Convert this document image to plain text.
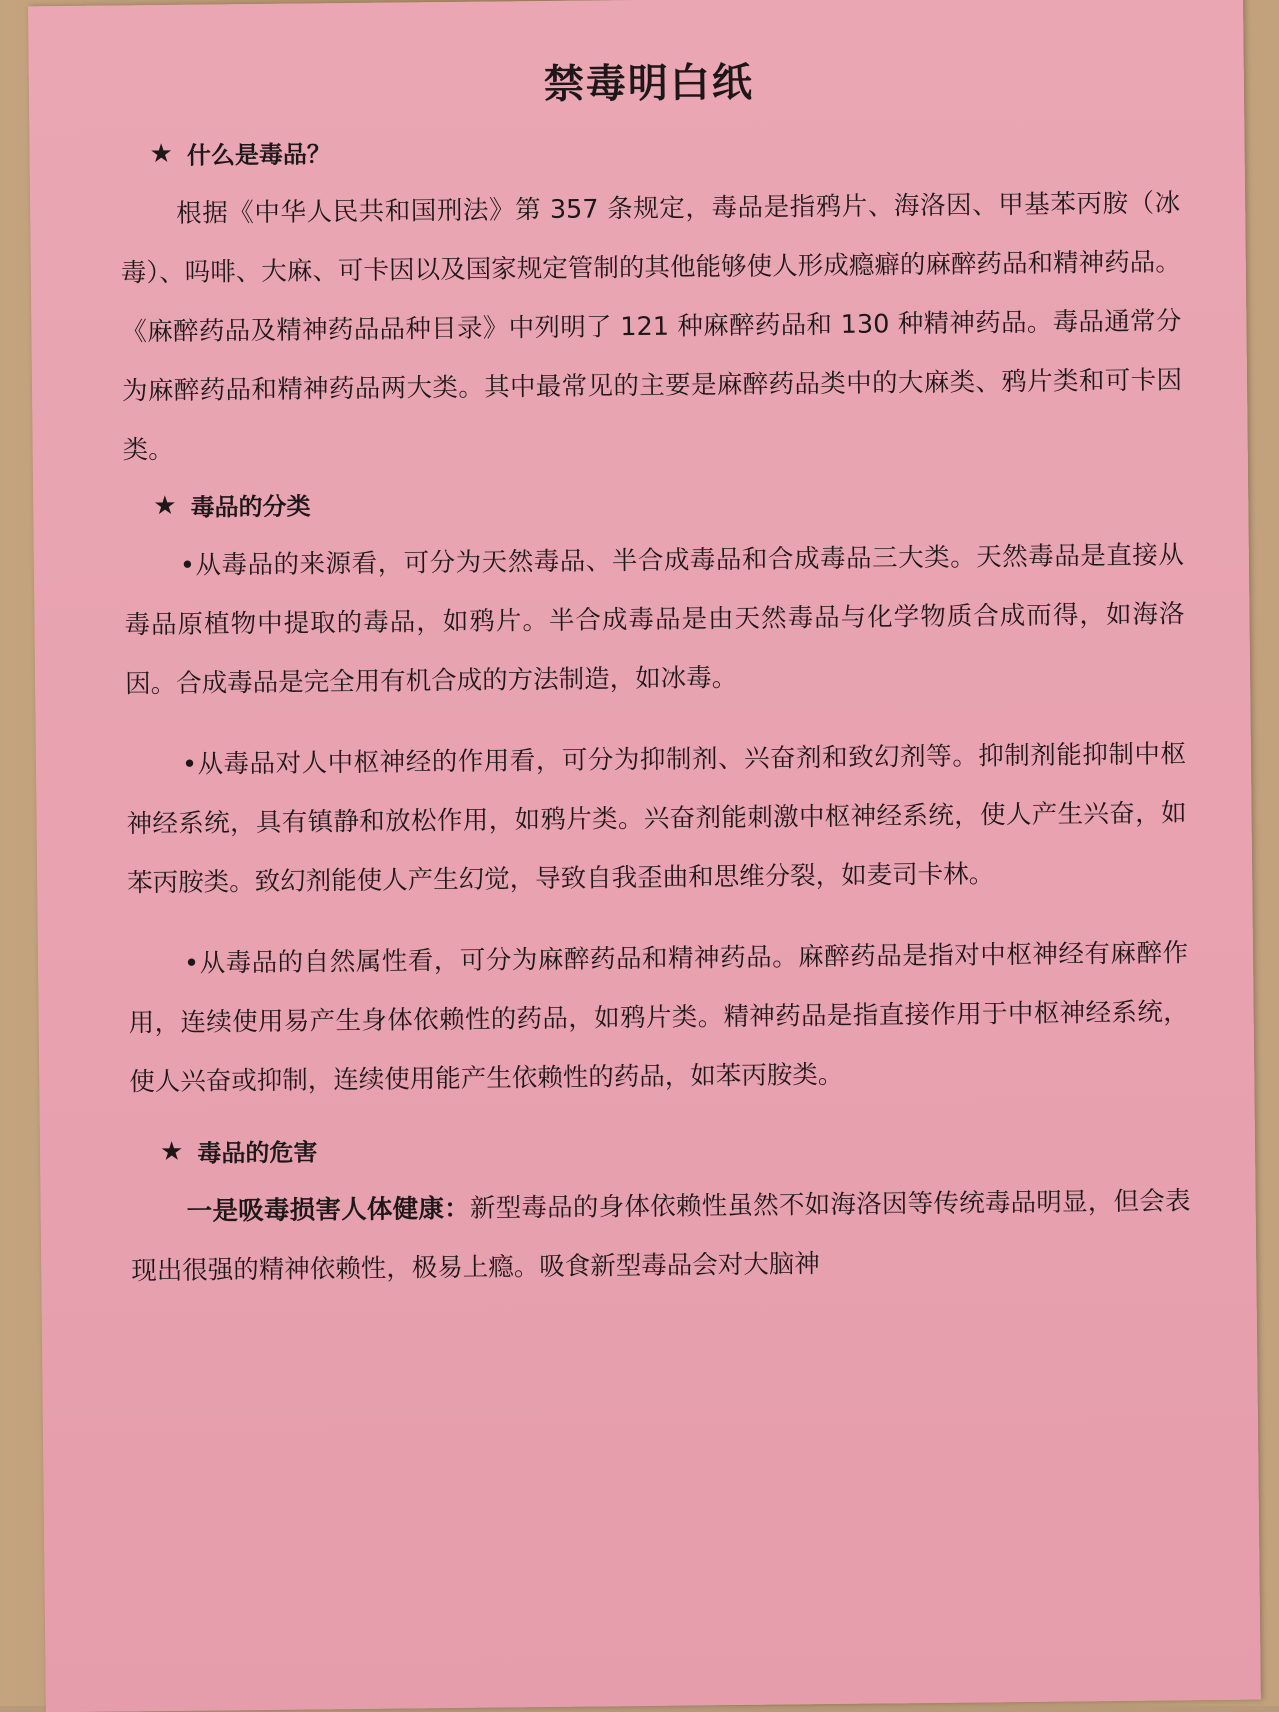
禁毒明白纸
★ 什么是毒品？

根据《中华人民共和国刑法》第 357 条规定，毒品是指鸦片、海洛因、甲基苯丙胺（冰毒）、吗啡、大麻、可卡因以及国家规定管制的其他能够使人形成瘾癖的麻醉药品和精神药品。《麻醉药品及精神药品品种目录》中列明了 121 种麻醉药品和 130 种精神药品。毒品通常分为麻醉药品和精神药品两大类。其中最常见的主要是麻醉药品类中的大麻类、鸦片类和可卡因类。

★ 毒品的分类

•从毒品的来源看，可分为天然毒品、半合成毒品和合成毒品三大类。天然毒品是直接从毒品原植物中提取的毒品，如鸦片。半合成毒品是由天然毒品与化学物质合成而得，如海洛因。合成毒品是完全用有机合成的方法制造，如冰毒。

•从毒品对人中枢神经的作用看，可分为抑制剂、兴奋剂和致幻剂等。抑制剂能抑制中枢神经系统，具有镇静和放松作用，如鸦片类。兴奋剂能刺激中枢神经系统，使人产生兴奋，如苯丙胺类。致幻剂能使人产生幻觉，导致自我歪曲和思维分裂，如麦司卡林。

•从毒品的自然属性看，可分为麻醉药品和精神药品。麻醉药品是指对中枢神经有麻醉作用，连续使用易产生身体依赖性的药品，如鸦片类。精神药品是指直接作用于中枢神经系统，使人兴奋或抑制，连续使用能产生依赖性的药品，如苯丙胺类。

★ 毒品的危害

一是吸毒损害人体健康：新型毒品的身体依赖性虽然不如海洛因等传统毒品明显，但会表现出很强的精神依赖性，极易上瘾。吸食新型毒品会对大脑神
